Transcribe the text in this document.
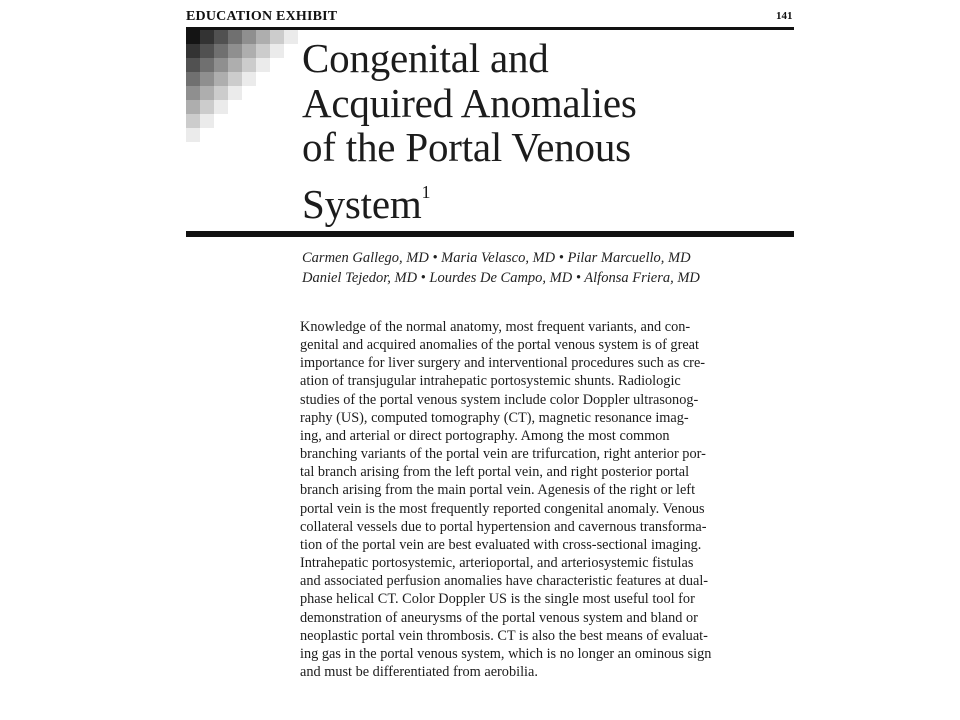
EDUCATION EXHIBIT	141
Congenital and
Acquired Anomalies
of the Portal Venous
System$^1$
Carmen Gallego, MD • Maria Velasco, MD • Pilar Marcuello, MD
Daniel Tejedor, MD • Lourdes De Campo, MD • Alfonsa Friera, MD
Knowledge of the normal anatomy, most frequent variants, and con-
genital and acquired anomalies of the portal venous system is of great
importance for liver surgery and interventional procedures such as cre-
ation of transjugular intrahepatic portosystemic shunts. Radiologic
studies of the portal venous system include color Doppler ultrasonog-
raphy (US), computed tomography (CT), magnetic resonance imag-
ing, and arterial or direct portography. Among the most common
branching variants of the portal vein are trifurcation, right anterior por-
tal branch arising from the left portal vein, and right posterior portal
branch arising from the main portal vein. Agenesis of the right or left
portal vein is the most frequently reported congenital anomaly. Venous
collateral vessels due to portal hypertension and cavernous transforma-
tion of the portal vein are best evaluated with cross-sectional imaging.
Intrahepatic portosystemic, arterioportal, and arteriosystemic fistulas
and associated perfusion anomalies have characteristic features at dual-
phase helical CT. Color Doppler US is the single most useful tool for
demonstration of aneurysms of the portal venous system and bland or
neoplastic portal vein thrombosis. CT is also the best means of evaluat-
ing gas in the portal venous system, which is no longer an ominous sign
and must be differentiated from aerobilia.
